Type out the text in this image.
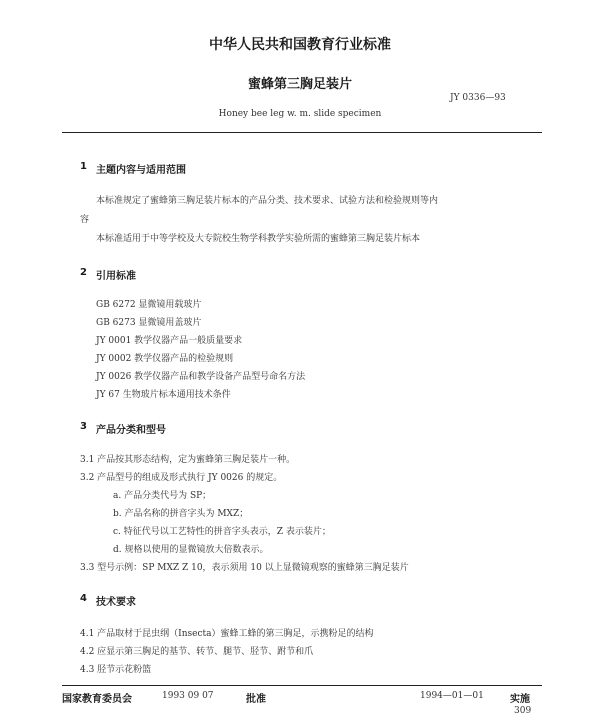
中华人民共和国教育行业标准
蜜蜂第三胸足装片
JY 0336—93
Honey bee leg w. m. slide specimen
1 主题内容与适用范围
本标准规定了蜜蜂第三胸足装片标本的产品分类、技术要求、试验方法和检验规则等内
容
本标准适用于中等学校及大专院校生物学科教学实验所需的蜜蜂第三胸足装片标本
2 引用标准
GB 6272 显微镜用载玻片
GB 6273 显微镜用盖玻片
JY 0001 教学仪器产品一般质量要求
JY 0002 教学仪器产品的检验规则
JY 0026 教学仪器产品和教学设备产品型号命名方法
JY 67 生物玻片标本通用技术条件
3 产品分类和型号
3.1 产品按其形态结构，定为蜜蜂第三胸足装片一种。
3.2 产品型号的组成及形式执行 JY 0026 的规定。
a. 产品分类代号为 SP；
b. 产品名称的拼音字头为 MXZ；
c. 特征代号以工艺特性的拼音字头表示，Z 表示装片；
d. 规格以使用的显微镜放大倍数表示。
3.3 型号示例：SP MXZ Z 10，表示须用 10 以上显微镜观察的蜜蜂第三胸足装片
4 技术要求
4.1 产品取材于昆虫纲（Insecta）蜜蜂工蜂的第三胸足，示携粉足的结构
4.2 应显示第三胸足的基节、转节、腿节、胫节、跗节和爪
4.3 胫节示花粉篮
国家教育委员会	1993 09 07	批准	1994—01—01	实施
309
